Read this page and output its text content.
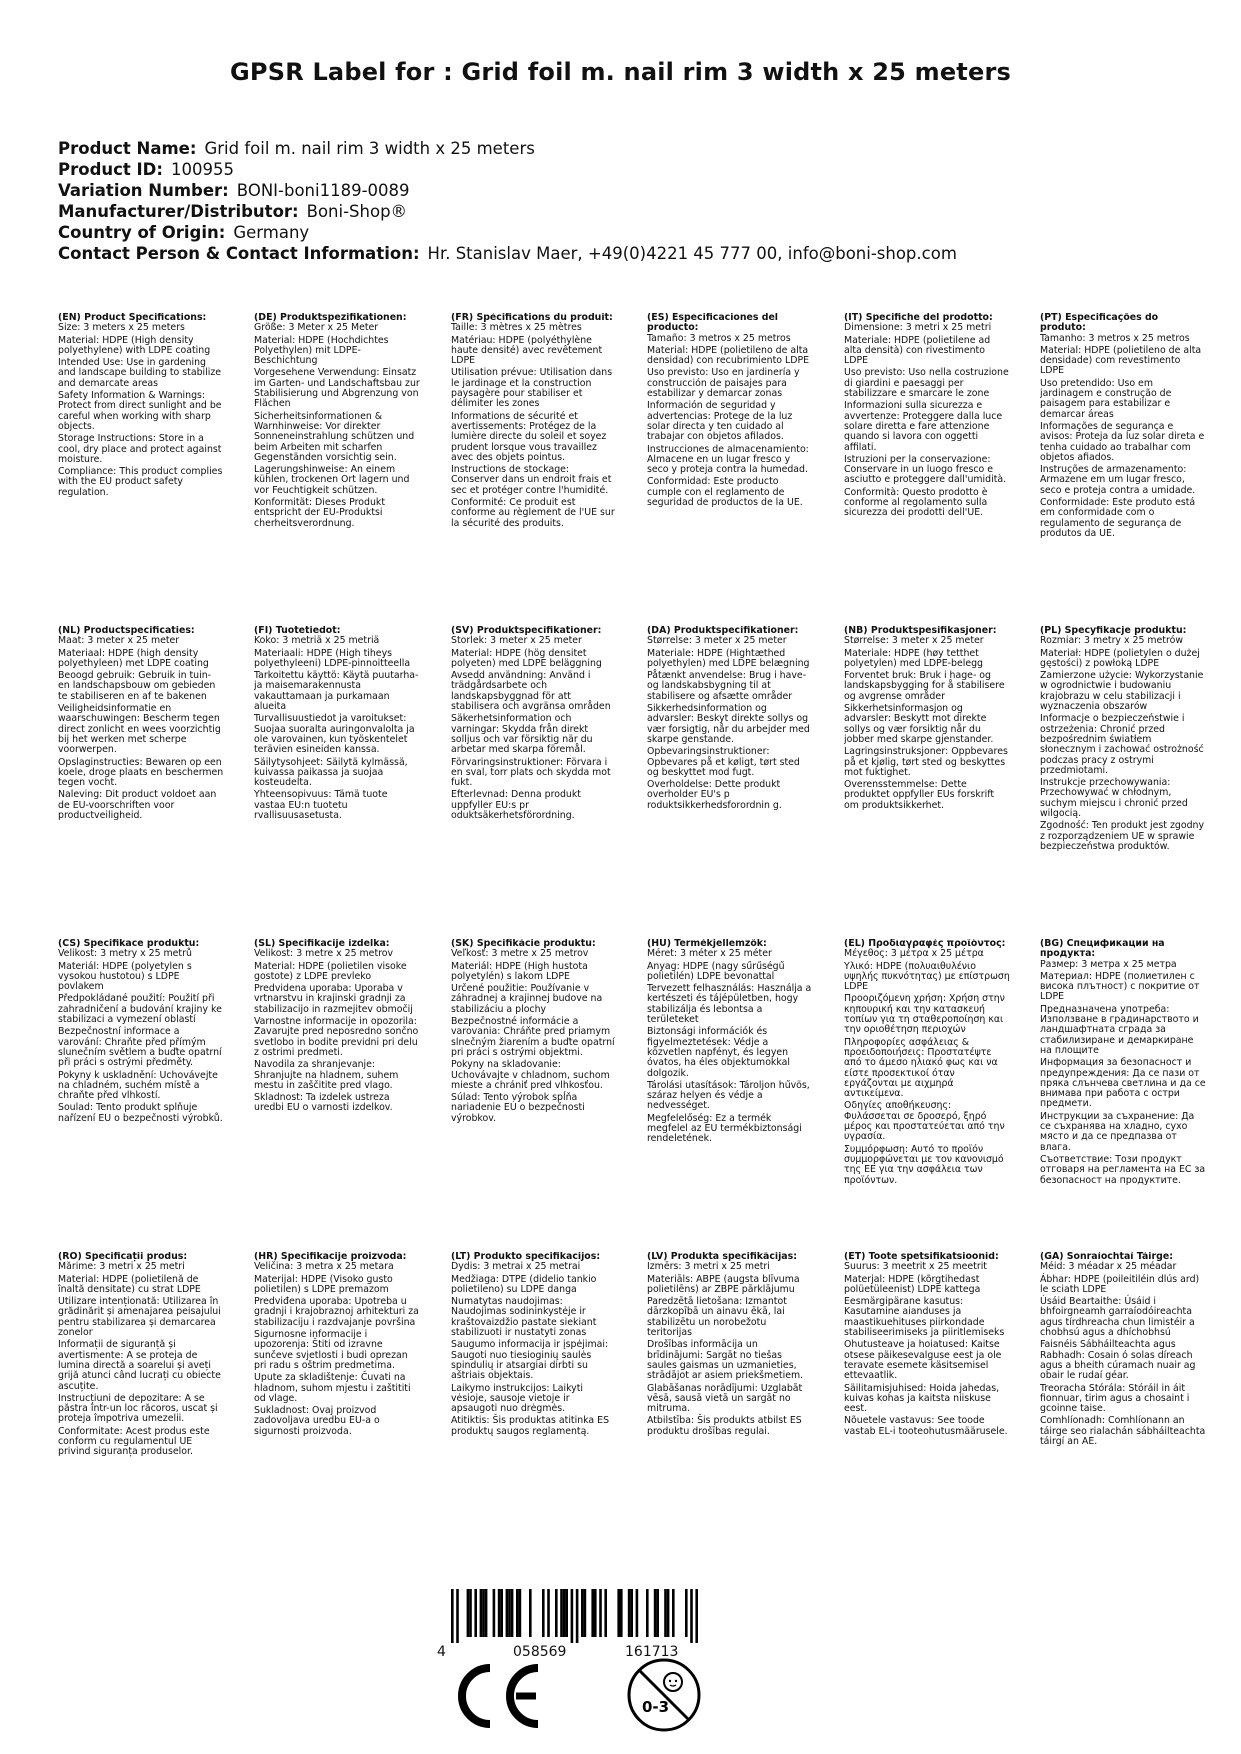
GPSR Label for : Grid foil m. nail rim 3 width x 25 meters
Product Name: Grid foil m. nail rim 3 width x 25 meters
Product ID: 100955
Variation Number: BONI-boni1189-0089
Manufacturer/Distributor: Boni-Shop®
Country of Origin: Germany
Contact Person & Contact Information: Hr. Stanislav Maer, +49(0)4221 45 777 00, info@boni-shop.com
(EN) Product Specifications:

Size: 3 meters x 25 meters

Material: HDPE (High density polyethylene) with LDPE coating

Intended Use: Use in gardening and landscape building to stabilize and demarcate areas

Safety Information & Warnings: Protect from direct sunlight and be careful when working with sharp objects.

Storage Instructions: Store in a cool, dry place and protect against moisture.

Compliance: This product complies with the EU product safety regulation.

(DE) Produktspezifikationen:

Größe: 3 Meter x 25 Meter

Material: HDPE (Hochdichtes Polyethylen) mit LDPE-Beschichtung

Vorgesehene Verwendung: Einsatz im Garten- und Landschaftsbau zur Stabilisierung und Abgrenzung von Flächen

Sicherheitsinformationen & Warnhinweise: Vor direkter Sonneneinstrahlung schützen und beim Arbeiten mit scharfen Gegenständen vorsichtig sein.

Lagerungshinweise: An einem kühlen, trockenen Ort lagern und vor Feuchtigkeit schützen.

Konformität: Dieses Produkt entspricht der EU-Produktsi cherheitsverordnung.

(FR) Spécifications du produit:

Taille: 3 mètres x 25 mètres

Matériau: HDPE (polyéthylène haute densité) avec revêtement LDPE

Utilisation prévue: Utilisation dans le jardinage et la construction paysagère pour stabiliser et délimiter les zones

Informations de sécurité et avertissements: Protégez de la lumière directe du soleil et soyez prudent lorsque vous travaillez avec des objets pointus.

Instructions de stockage: Conserver dans un endroit frais et sec et protéger contre l'humidité.

Conformité: Ce produit est conforme au règlement de l'UE sur la sécurité des produits.

(ES) Especificaciones del producto:

Tamaño: 3 metros x 25 metros

Material: HDPE (polietileno de alta densidad) con recubrimiento LDPE

Uso previsto: Uso en jardinería y construcción de paisajes para estabilizar y demarcar zonas

Información de seguridad y advertencias: Protege de la luz solar directa y ten cuidado al trabajar con objetos afilados.

Instrucciones de almacenamiento: Almacene en un lugar fresco y seco y proteja contra la humedad.

Conformidad: Este producto cumple con el reglamento de seguridad de productos de la UE.

(IT) Specifiche del prodotto:

Dimensione: 3 metri x 25 metri

Materiale: HDPE (polietilene ad alta densità) con rivestimento LDPE

Uso previsto: Uso nella costruzione di giardini e paesaggi per stabilizzare e smarcare le zone

Informazioni sulla sicurezza e avvertenze: Proteggere dalla luce solare diretta e fare attenzione quando si lavora con oggetti affilati.

Istruzioni per la conservazione: Conservare in un luogo fresco e asciutto e proteggere dall'umidità.

Conformità: Questo prodotto è conforme al regolamento sulla sicurezza dei prodotti dell'UE.

(PT) Especificações do produto:

Tamanho: 3 metros x 25 metros

Material: HDPE (polietileno de alta densidade) com revestimento LDPE

Uso pretendido: Uso em jardinagem e construção de paisagem para estabilizar e demarcar áreas

Informações de segurança e avisos: Proteja da luz solar direta e tenha cuidado ao trabalhar com objetos afiados.

Instruções de armazenamento: Armazene em um lugar fresco, seco e proteja contra a umidade.

Conformidade: Este produto está em conformidade com o regulamento de segurança de produtos da UE.

(NL) Productspecificaties:

Maat: 3 meter x 25 meter

Materiaal: HDPE (high density polyethyleen) met LDPE coating

Beoogd gebruik: Gebruik in tuin- en landschapsbouw om gebieden te stabiliseren en af te bakenen

Veiligheidsinformatie en waarschuwingen: Bescherm tegen direct zonlicht en wees voorzichtig bij het werken met scherpe voorwerpen.

Opslaginstructies: Bewaren op een koele, droge plaats en beschermen tegen vocht.

Naleving: Dit product voldoet aan de EU-voorschriften voor productveiligheid.

(FI) Tuotetiedot:

Koko: 3 metriä x 25 metriä

Materiaali: HDPE (High tiheys polyethyleeni) LDPE-pinnoitteella

Tarkoitettu käyttö: Käytä puutarha- ja maisemarakennusta vakauttamaan ja purkamaan alueita

Turvallisuustiedot ja varoitukset: Suojaa suoralta auringonvalolta ja ole varovainen, kun työskentelet terävien esineiden kanssa.

Säilytysohjeet: Säilytä kylmässä, kuivassa paikassa ja suojaa kosteudelta.

Yhteensopivuus: Tämä tuote vastaa EU:n tuotetu rvallisuusasetusta.

(SV) Produktspecifikationer:

Storlek: 3 meter x 25 meter

Material: HDPE (hög densitet polyeten) med LDPE beläggning

Avsedd användning: Använd i trädgårdsarbete och landskapsbyggnad för att stabilisera och avgränsa områden

Säkerhetsinformation och varningar: Skydda från direkt solljus och var försiktig när du arbetar med skarpa föremål.

Förvaringsinstruktioner: Förvara i en sval, torr plats och skydda mot fukt.

Efterlevnad: Denna produkt uppfyller EU:s pr oduktsäkerhetsförordning.

(DA) Produktspecifikationer:

Størrelse: 3 meter x 25 meter

Materiale: HDPE (Hightæthed polyethylen) med LDPE belægning

Påtænkt anvendelse: Brug i have- og landskabsbygning til at stabilisere og afsætte områder

Sikkerhedsinformation og advarsler: Beskyt direkte sollys og vær forsigtig, når du arbejder med skarpe genstande.

Opbevaringsinstruktioner: Opbevares på et køligt, tørt sted og beskyttet mod fugt.

Overholdelse: Dette produkt overholder EU's p roduktsikkerhedsforordnin g.

(NB) Produktspesifikasjoner:

Størrelse: 3 meter x 25 meter

Materiale: HDPE (høy tetthet polyetylen) med LDPE-belegg

Forventet bruk: Bruk i hage- og landskapsbygging for å stabilisere og avgrense områder

Sikkerhetsinformasjon og advarsler: Beskytt mot direkte sollys og vær forsiktig når du jobber med skarpe gjenstander.

Lagringsinstruksjoner: Oppbevares på et kjølig, tørt sted og beskyttes mot fuktighet.

Overensstemmelse: Dette produktet oppfyller EUs forskrift om produktsikkerhet.

(PL) Specyfikacje produktu:

Rozmiar: 3 metry x 25 metrów

Materiał: HDPE (polietylen o dużej gęstości) z powłoką LDPE

Zamierzone użycie: Wykorzystanie w ogrodnictwie i budowaniu krajobrazu w celu stabilizacji i wyznaczenia obszarów

Informacje o bezpieczeństwie i ostrzeżenia: Chronić przed bezpośrednim światłem słonecznym i zachować ostrożność podczas pracy z ostrymi przedmiotami.

Instrukcje przechowywania: Przechowywać w chłodnym, suchym miejscu i chronić przed wilgocią.

Zgodność: Ten produkt jest zgodny z rozporządzeniem UE w sprawie bezpieczeństwa produktów.

(CS) Specifikace produktu:

Velikost: 3 metry x 25 metrů

Materiál: HDPE (polyetylen s vysokou hustotou) s LDPE povlakem

Předpokládané použití: Použití při zahradničení a budování krajiny ke stabilizaci a vymezení oblastí

Bezpečnostní informace a varování: Chraňte před přímým slunečním světlem a buďte opatrní při práci s ostrými předměty.

Pokyny k uskladnění: Uchovávejte na chladném, suchém místě a chraňte před vlhkostí.

Soulad: Tento produkt splňuje nařízení EU o bezpečnosti výrobků.

(SL) Specifikacije izdelka:

Velikost: 3 metre x 25 metrov

Material: HDPE (polietilen visoke gostote) z LDPE prevleko

Predvidena uporaba: Uporaba v vrtnarstvu in krajinski gradnji za stabilizacijo in razmejitev območij

Varnostne informacije in opozorila: Zavarujte pred neposredno sončno svetlobo in bodite previdni pri delu z ostrimi predmeti.

Navodila za shranjevanje: Shranjujte na hladnem, suhem mestu in zaščitite pred vlago.

Skladnost: Ta izdelek ustreza uredbi EU o varnosti izdelkov.

(SK) Špecifikácie produktu:

Veľkosť: 3 metre x 25 metrov

Materiál: HDPE (High hustota polyetylén) s lakom LDPE

Určené použitie: Používanie v záhradnej a krajinnej budove na stabilizáciu a plochy

Bezpečnostné informácie a varovania: Chráňte pred priamym slnečným žiarením a buďte opatrní pri práci s ostrými objektmi.

Pokyny na skladovanie: Uchovávajte v chladnom, suchom mieste a chrániť pred vlhkosťou.

Súlad: Tento výrobok spĺňa nariadenie EÚ o bezpečnosti výrobkov.

(HU) Termékjellemzők:

Méret: 3 méter x 25 méter

Anyag: HDPE (nagy sűrűségű polietilén) LDPE bevonattal

Tervezett felhasználás: Használja a kertészeti és tájépületben, hogy stabilizálja és lebontsa a területeket

Biztonsági információk és figyelmeztetések: Védje a közvetlen napfényt, és legyen óvatos, ha éles objektumokkal dolgozik.

Tárolási utasítások: Tároljon hűvös, száraz helyen és védje a nedvességet.

Megfelelőség: Ez a termék megfelel az EU termékbiztonsági rendeletének.

(EL) Προδιαγραφές προϊόντος:

Μέγεθος: 3 μέτρα x 25 μέτρα

Υλικό: HDPE (πολυαιθυλένιο υψηλής πυκνότητας) με επίστρωση LDPE

Προοριζόμενη χρήση: Χρήση στην κηπουρική και την κατασκευή τοπίων για τη σταθεροποίηση και την οριοθέτηση περιοχών

Πληροφορίες ασφάλειας & προειδοποιήσεις: Προστατέψτε από το άμεσο ηλιακό φως και να είστε προσεκτικοί όταν εργάζονται με αιχμηρά αντικείμενα.

Οδηγίες αποθήκευσης: Φυλάσσεται σε δροσερό, ξηρό μέρος και προστατεύεται από την υγρασία.

Συμμόρφωση: Αυτό το προϊόν συμμορφώνεται με τον κανονισμό της ΕΕ για την ασφάλεια των προϊόντων.

(BG) Спецификации на продукта:

Размер: 3 метра x 25 метра

Материал: HDPE (полиетилен с висока плътност) с покритие от LDPE

Предназначена употреба: Използване в градинарството и ландшафтната сграда за стабилизиране и демаркиране на площите

Информация за безопасност и предупреждения: Да се пази от пряка слънчева светлина и да се внимава при работа с остри предмети.

Инструкции за съхранение: Да се съхранява на хладно, сухо място и да се предпазва от влага.

Съответствие: Този продукт отговаря на регламента на ЕС за безопасност на продуктите.

(RO) Specificații produs:

Mărime: 3 metri x 25 metri

Material: HDPE (polietilenă de înaltă densitate) cu strat LDPE

Utilizare intenționată: Utilizarea în grădinărit și amenajarea peisajului pentru stabilizarea și demarcarea zonelor

Informații de siguranță și avertismente: A se proteja de lumina directă a soarelui și aveți grijă atunci când lucrați cu obiecte ascuțite.

Instrucțiuni de depozitare: A se păstra într-un loc răcoros, uscat și proteja împotriva umezelii.

Conformitate: Acest produs este conform cu regulamentul UE privind siguranța produselor.

(HR) Specifikacije proizvoda:

Veličina: 3 metra x 25 metara

Materijal: HDPE (Visoko gusto polietilen) s LDPE premazom

Predviđena uporaba: Upotreba u gradnji i krajobraznoj arhitekturi za stabilizaciju i razdvajanje površina

Sigurnosne informacije i upozorenja: Štiti od izravne sunčeve svjetlosti i budi oprezan pri radu s oštrim predmetima.

Upute za skladištenje: Čuvati na hladnom, suhom mjestu i zaštititi od vlage.

Sukladnost: Ovaj proizvod zadovoljava uredbu EU-a o sigurnosti proizvoda.

(LT) Produkto specifikacijos:

Dydis: 3 metrai x 25 metrai

Medžiaga: DTPE (didelio tankio polietileno) su LDPE danga

Numatytas naudojimas: Naudojimas sodininkystėje ir kraštovaizdžio pastate siekiant stabilizuoti ir nustatyti zonas

Saugumo informacija ir įspėjimai: Saugoti nuo tiesioginių saulės spindulių ir atsargiai dirbti su aštriais objektais.

Laikymo instrukcijos: Laikyti vėsioje, sausoje vietoje ir apsaugoti nuo drėgmės.

Atitiktis: Šis produktas atitinka ES produktų saugos reglamentą.

(LV) Produkta specifikācijas:

Izmērs: 3 metri x 25 metri

Materiāls: ABPE (augsta blīvuma polietilēns) ar ZBPE pārklājumu

Paredzētā lietošana: Izmantot dārzkopībā un ainavu ēkā, lai stabilizētu un norobežotu teritorijas

Drošības informācija un brīdinājumi: Sargāt no tiešas saules gaismas un uzmanieties, strādājot ar asiem priekšmetiem.

Glabāšanas norādījumi: Uzglabāt vēsā, sausā vietā un sargāt no mitruma.

Atbilstība: Šis produkts atbilst ES produktu drošības regulai.

(ET) Toote spetsifikatsioonid:

Suurus: 3 meetrit x 25 meetrit

Materjal: HDPE (kõrgtihedast polüetüleenist) LDPE kattega

Eesmärgipärane kasutus: Kasutamine aianduses ja maastikuehituses piirkondade stabiliseerimiseks ja piiritlemiseks

Ohutusteave ja hoiatused: Kaitse otsese päikesevalguse eest ja ole teravate esemete käsitsemisel ettevaatlik.

Säilitamisjuhised: Hoida jahedas, kuivas kohas ja kaitsta niiskuse eest.

Nõuetele vastavus: See toode vastab EL-i tooteohutusmäärusele.

(GA) Sonraíochtaí Táirge:

Méid: 3 méadar x 25 méadar

Ábhar: HDPE (poileitiléin dlús ard) le sciath LDPE

Úsáid Beartaithe: Úsáid i bhfoirgneamh garraíodóireachta agus tírdhreacha chun limistéir a chobhsú agus a dhíchobhsú

Faisnéis Sábháilteachta agus Rabhadh: Cosain ó solas díreach agus a bheith cúramach nuair ag obair le rudaí géar.

Treoracha Stórála: Stóráil in áit fionnuar, tirim agus a chosaint i gcoinne taise.

Comhlíonadh: Comhlíonann an táirge seo rialachán sábháilteachta táirgí an AE.

4	058569	161713
0-3
